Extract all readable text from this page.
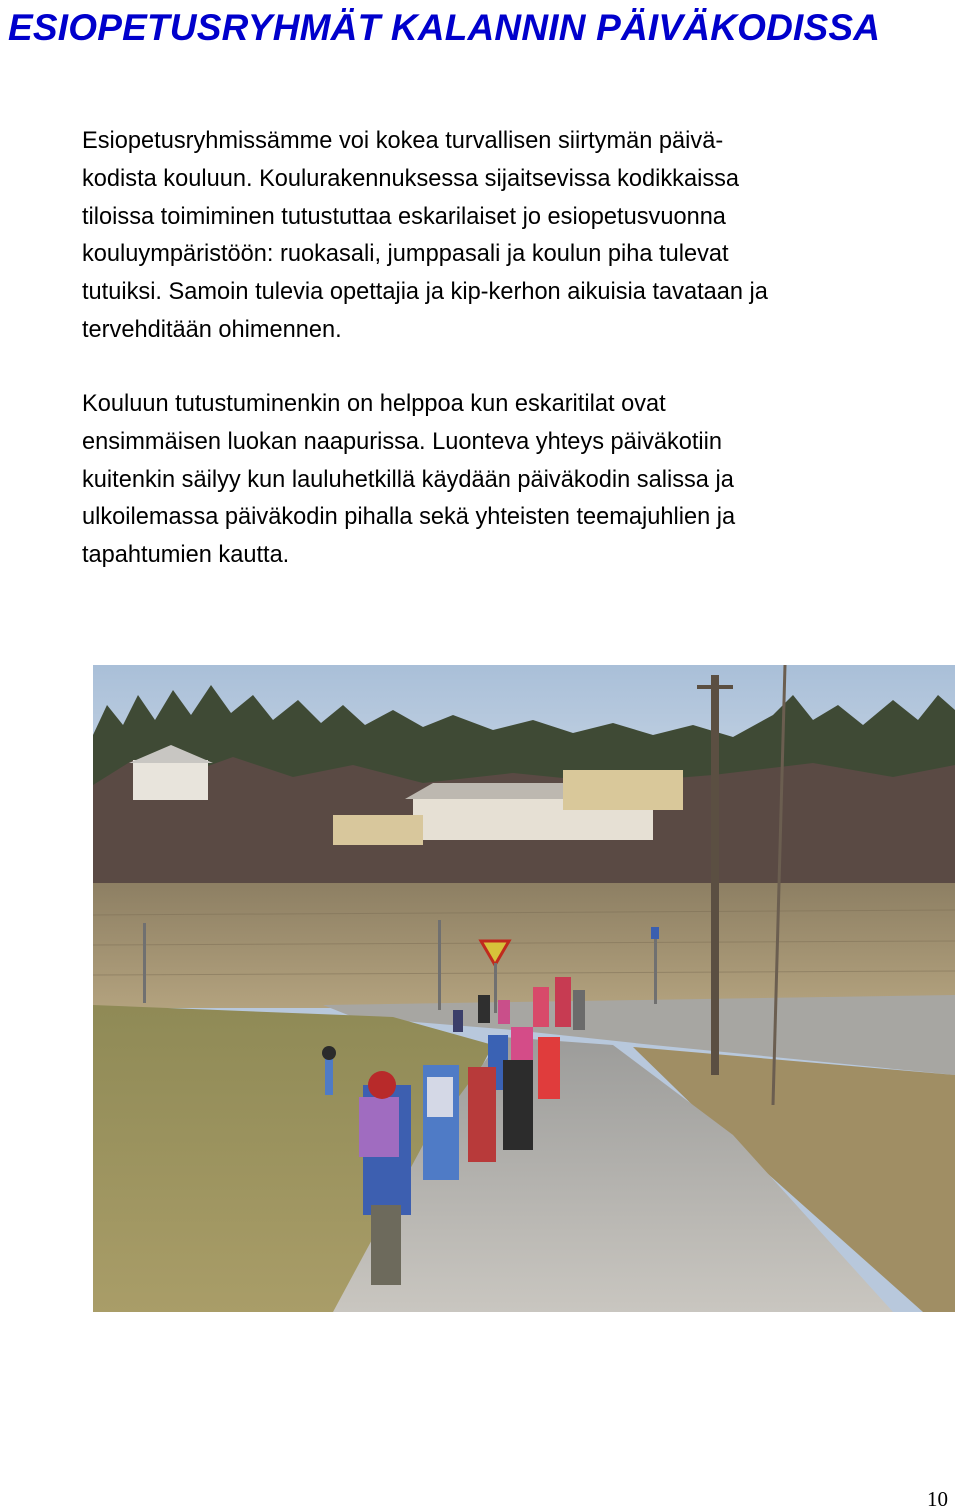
ESIOPETUSRYHMÄT KALANNIN PÄIVÄKODISSA

Esiopetusryhmissämme voi kokea turvallisen siirtymän päivä-
kodista kouluun. Koulurakennuksessa sijaitsevissa kodikkaissa
tiloissa toimiminen tutustuttaa eskarilaiset jo esiopetusvuonna
kouluympäristöön: ruokasali, jumppasali ja koulun piha tulevat
tutuiksi. Samoin tulevia opettajia ja kip-kerhon aikuisia tavataan ja
tervehditään ohimennen.

Kouluun tutustuminenkin on helppoa kun eskaritilat ovat
ensimmäisen luokan naapurissa. Luonteva yhteys päiväkotiin
kuitenkin säilyy kun lauluhetkillä käydään päiväkodin salissa ja
ulkoilemassa päiväkodin pihalla sekä yhteisten teemajuhlien ja
tapahtumien kautta.

10
